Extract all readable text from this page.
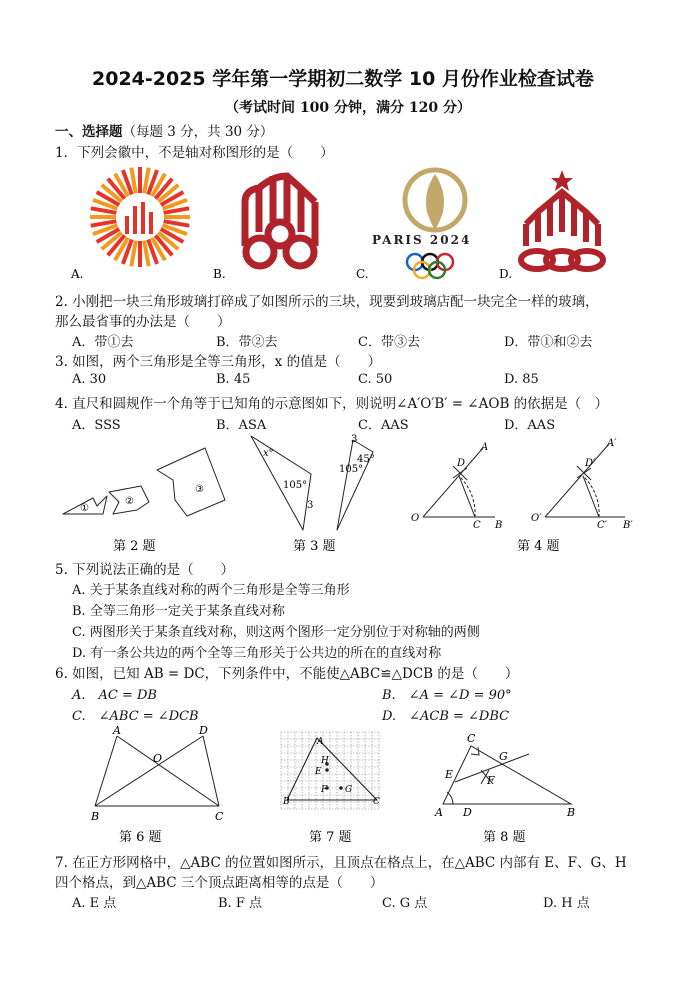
2024-2025 学年第一学期初二数学 10 月份作业检查试卷
（考试时间 100 分钟，满分 120 分）
一、选择题（每题 3 分，共 30 分）
1．下列会徽中，不是轴对称图形的是（　　）
PARIS 2024
A.	B.	C.	D.
2. 小刚把一块三角形玻璃打碎成了如图所示的三块，现要到玻璃店配一块完全一样的玻璃，
那么最省事的办法是（　　）
A．带①去	B．带②去	C．带③去	D．带①和②去
3. 如图，两个三角形是全等三角形，x 的值是（　　）
A. 30	B. 45	C. 50	D. 85
4. 直尺和圆规作一个角等于已知角的示意图如下，则说明∠A′O′B′ = ∠AOB 的依据是（　）
A．SSS	B．ASA	C．AAS	D．AAS
①
②
③
x°
105°
3
3
45°
105°
A
D
O
C B
A′
D′
O′
C′ B′
第 2 题	第 3 题	第 4 题
5. 下列说法正确的是（　　）
A. 关于某条直线对称的两个三角形是全等三角形
B. 全等三角形一定关于某条直线对称
C. 两图形关于某条直线对称，则这两个图形一定分别位于对称轴的两侧
D. 有一条公共边的两个全等三角形关于公共边的所在的直线对称
6. 如图，已知 AB = DC，下列条件中，不能使△ABC≌△DCB 的是（　　）
A.　AC = DB	B.　∠A = ∠D = 90°
C.　∠ABC = ∠DCB	D.　∠ACB = ∠DBC
A	D
O
B	C
A
H
E
F G
B	C
C
G
E	F
A D	B
第 6 题	第 7 题	第 8 题
7. 在正方形网格中，△ABC 的位置如图所示，且顶点在格点上，在△ABC 内部有 E、F、G、H
四个格点，到△ABC 三个顶点距离相等的点是（　　）
A. E 点	B. F 点	C. G 点	D. H 点
